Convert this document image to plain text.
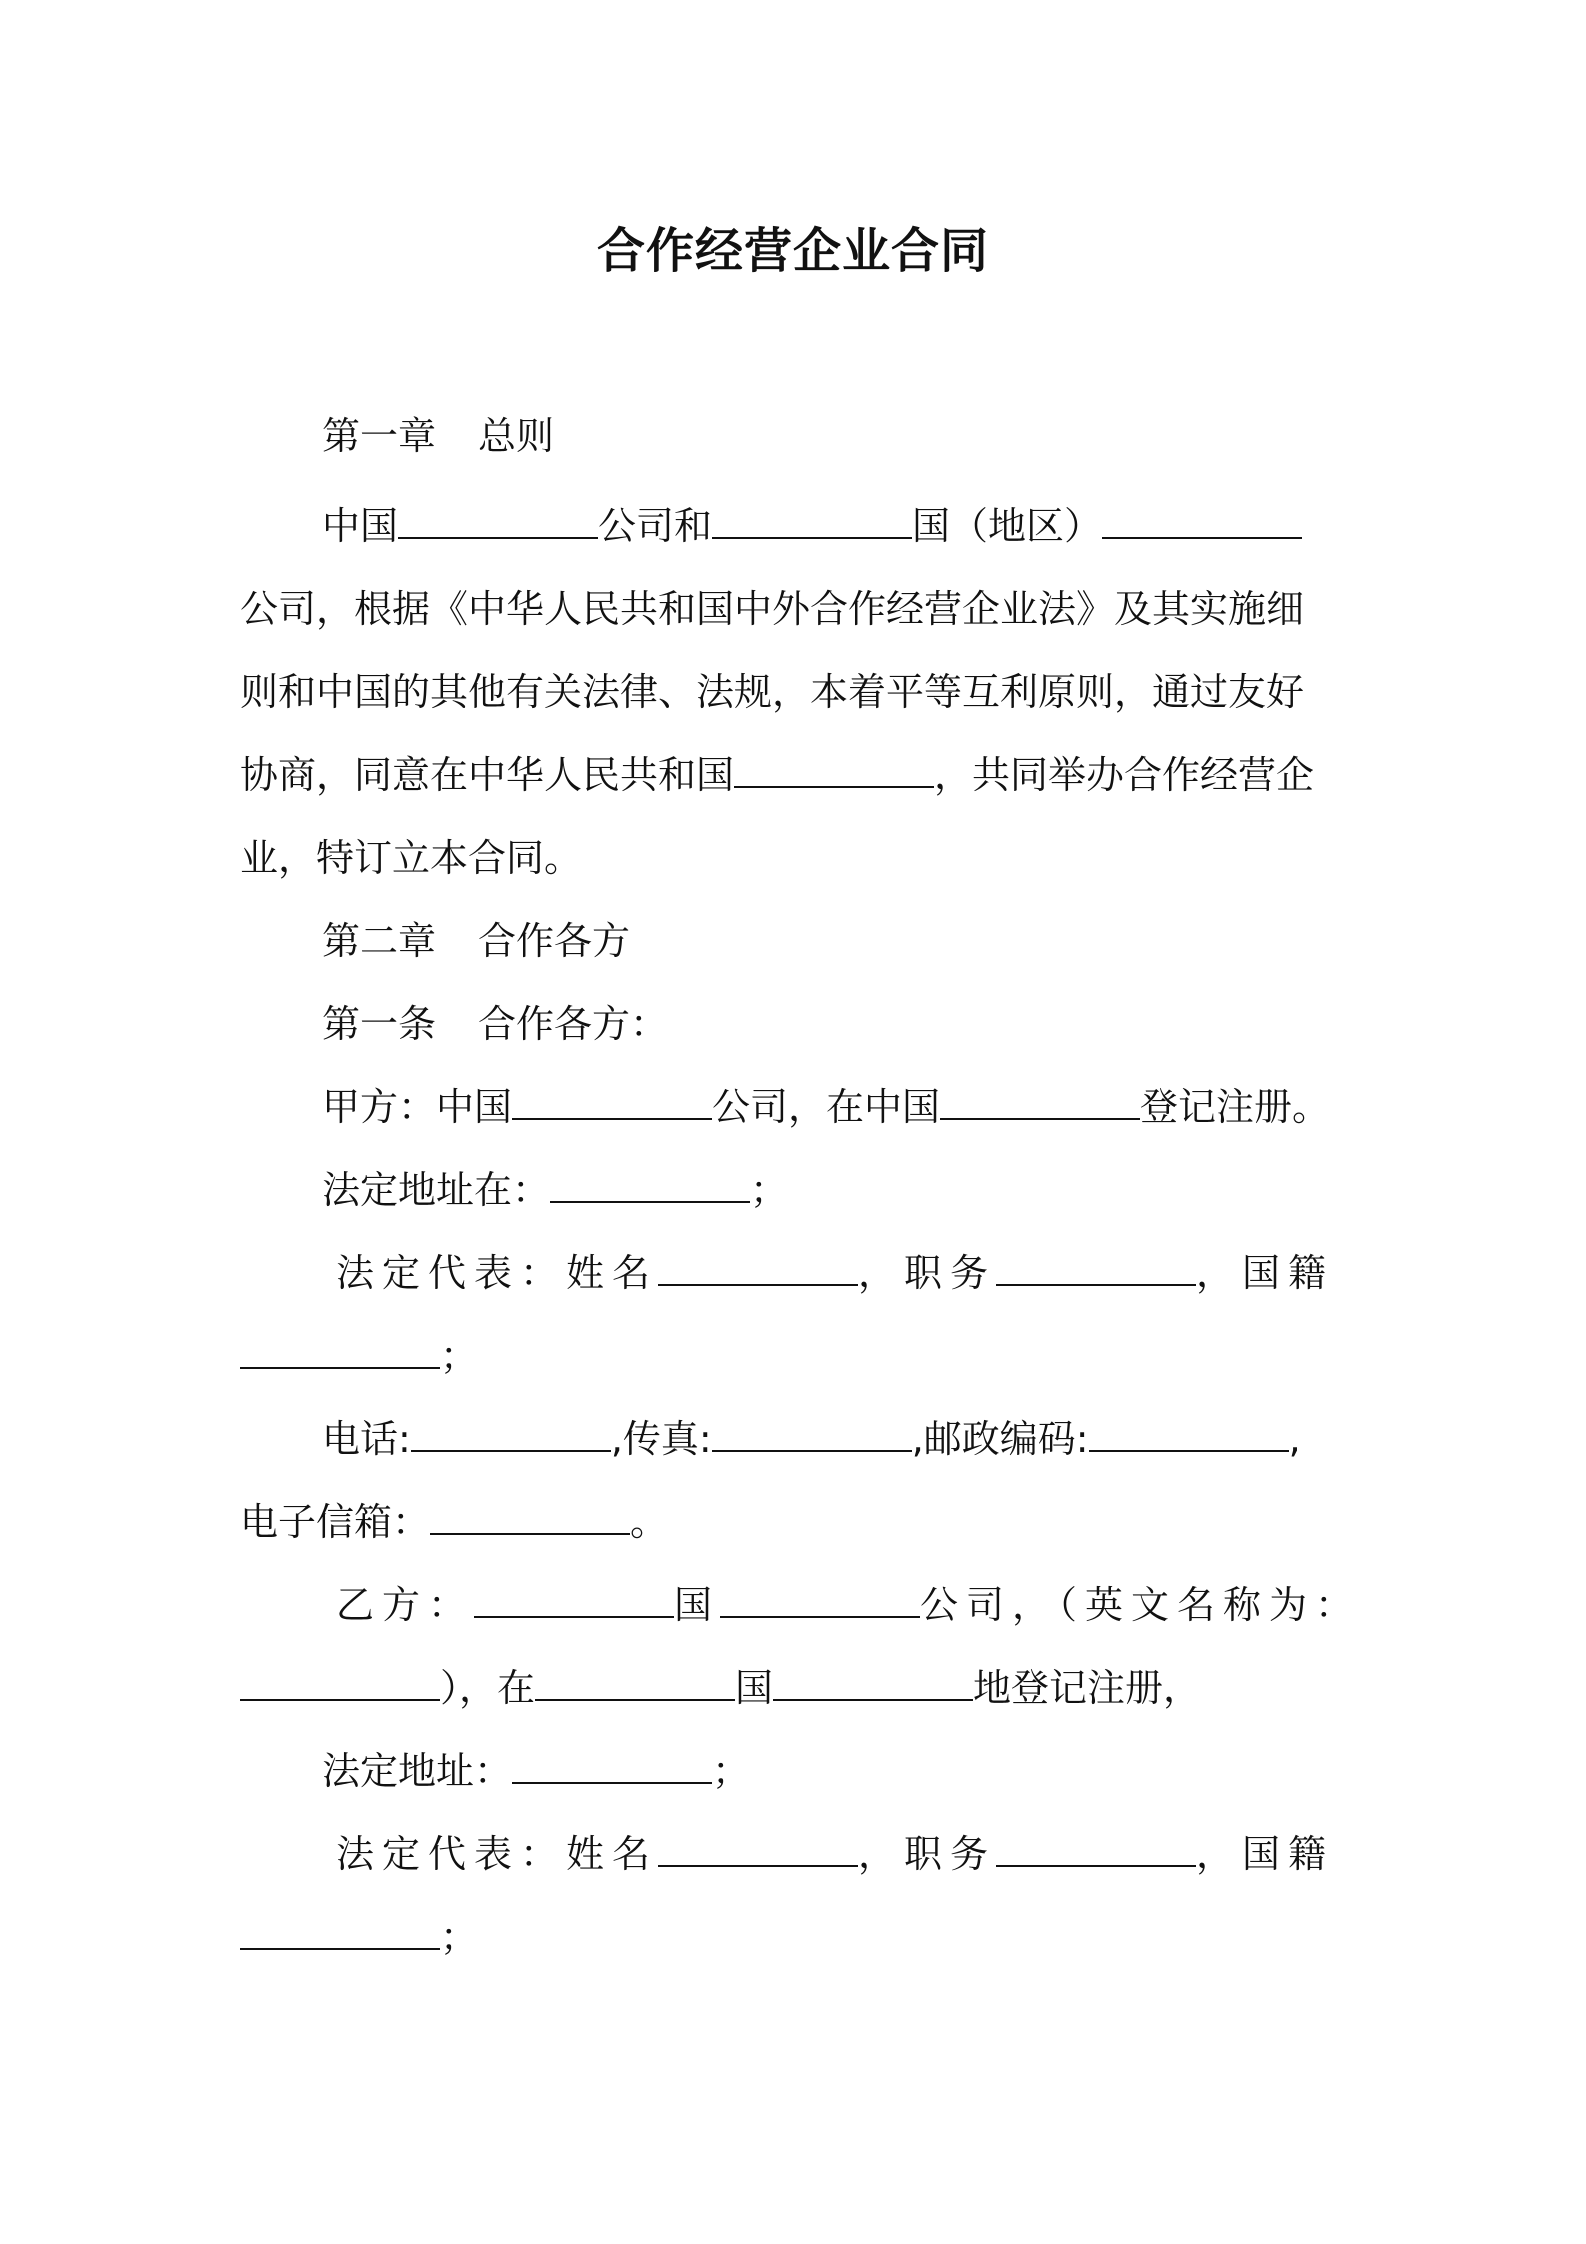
合作经营企业合同
第一章 总则
中国	公司和	国（地区）
公司，根据《中华人民共和国中外合作经营企业法》及其实施细
则和中国的其他有关法律、法规，本着平等互利原则，通过友好
协商，同意在中华人民共和国	，共同举办合作经营企
业，特订立本合同。
第二章 合作各方
第一条 合作各方：
甲方：中国	公司，在中国	登记注册。
法定地址在：	；
法定代表：姓名	，职务	，国籍
；
电话:	,传真:	,邮政编码:	,
电子信箱：	。
乙方：	国	公司，（英文名称为：
），在	国	地登记注册，
法定地址：	；
法定代表：姓名	，职务	，国籍
；
